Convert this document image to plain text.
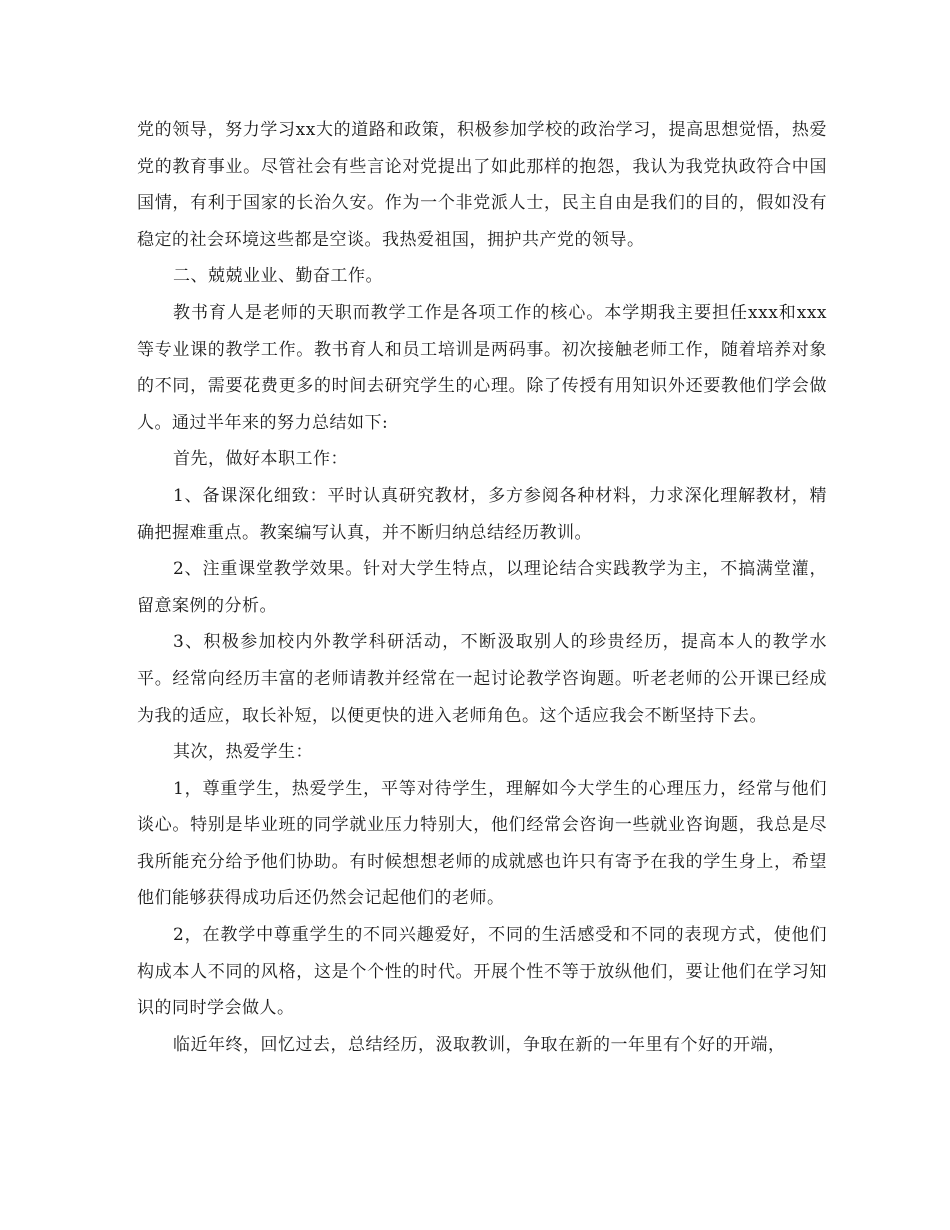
党的领导，努力学习xx大的道路和政策，积极参加学校的政治学习，提高思想觉悟，热爱党的教育事业。尽管社会有些言论对党提出了如此那样的抱怨，我认为我党执政符合中国国情，有利于国家的长治久安。作为一个非党派人士，民主自由是我们的目的，假如没有稳定的社会环境这些都是空谈。我热爱祖国，拥护共产党的领导。

二、兢兢业业、勤奋工作。

教书育人是老师的天职而教学工作是各项工作的核心。本学期我主要担任xxx和xxx等专业课的教学工作。教书育人和员工培训是两码事。初次接触老师工作，随着培养对象的不同，需要花费更多的时间去研究学生的心理。除了传授有用知识外还要教他们学会做人。通过半年来的努力总结如下:

首先，做好本职工作：

1、备课深化细致：平时认真研究教材，多方参阅各种材料，力求深化理解教材，精确把握难重点。教案编写认真，并不断归纳总结经历教训。

2、注重课堂教学效果。针对大学生特点，以理论结合实践教学为主，不搞满堂灌，留意案例的分析。

3、积极参加校内外教学科研活动，不断汲取别人的珍贵经历，提高本人的教学水平。经常向经历丰富的老师请教并经常在一起讨论教学咨询题。听老老师的公开课已经成为我的适应，取长补短，以便更快的进入老师角色。这个适应我会不断坚持下去。

其次，热爱学生：

1，尊重学生，热爱学生，平等对待学生，理解如今大学生的心理压力，经常与他们谈心。特别是毕业班的同学就业压力特别大，他们经常会咨询一些就业咨询题，我总是尽我所能充分给予他们协助。有时候想想老师的成就感也许只有寄予在我的学生身上，希望他们能够获得成功后还仍然会记起他们的老师。

2，在教学中尊重学生的不同兴趣爱好，不同的生活感受和不同的表现方式，使他们构成本人不同的风格，这是个个性的时代。开展个性不等于放纵他们，要让他们在学习知识的同时学会做人。

临近年终，回忆过去，总结经历，汲取教训，争取在新的一年里有个好的开端，
